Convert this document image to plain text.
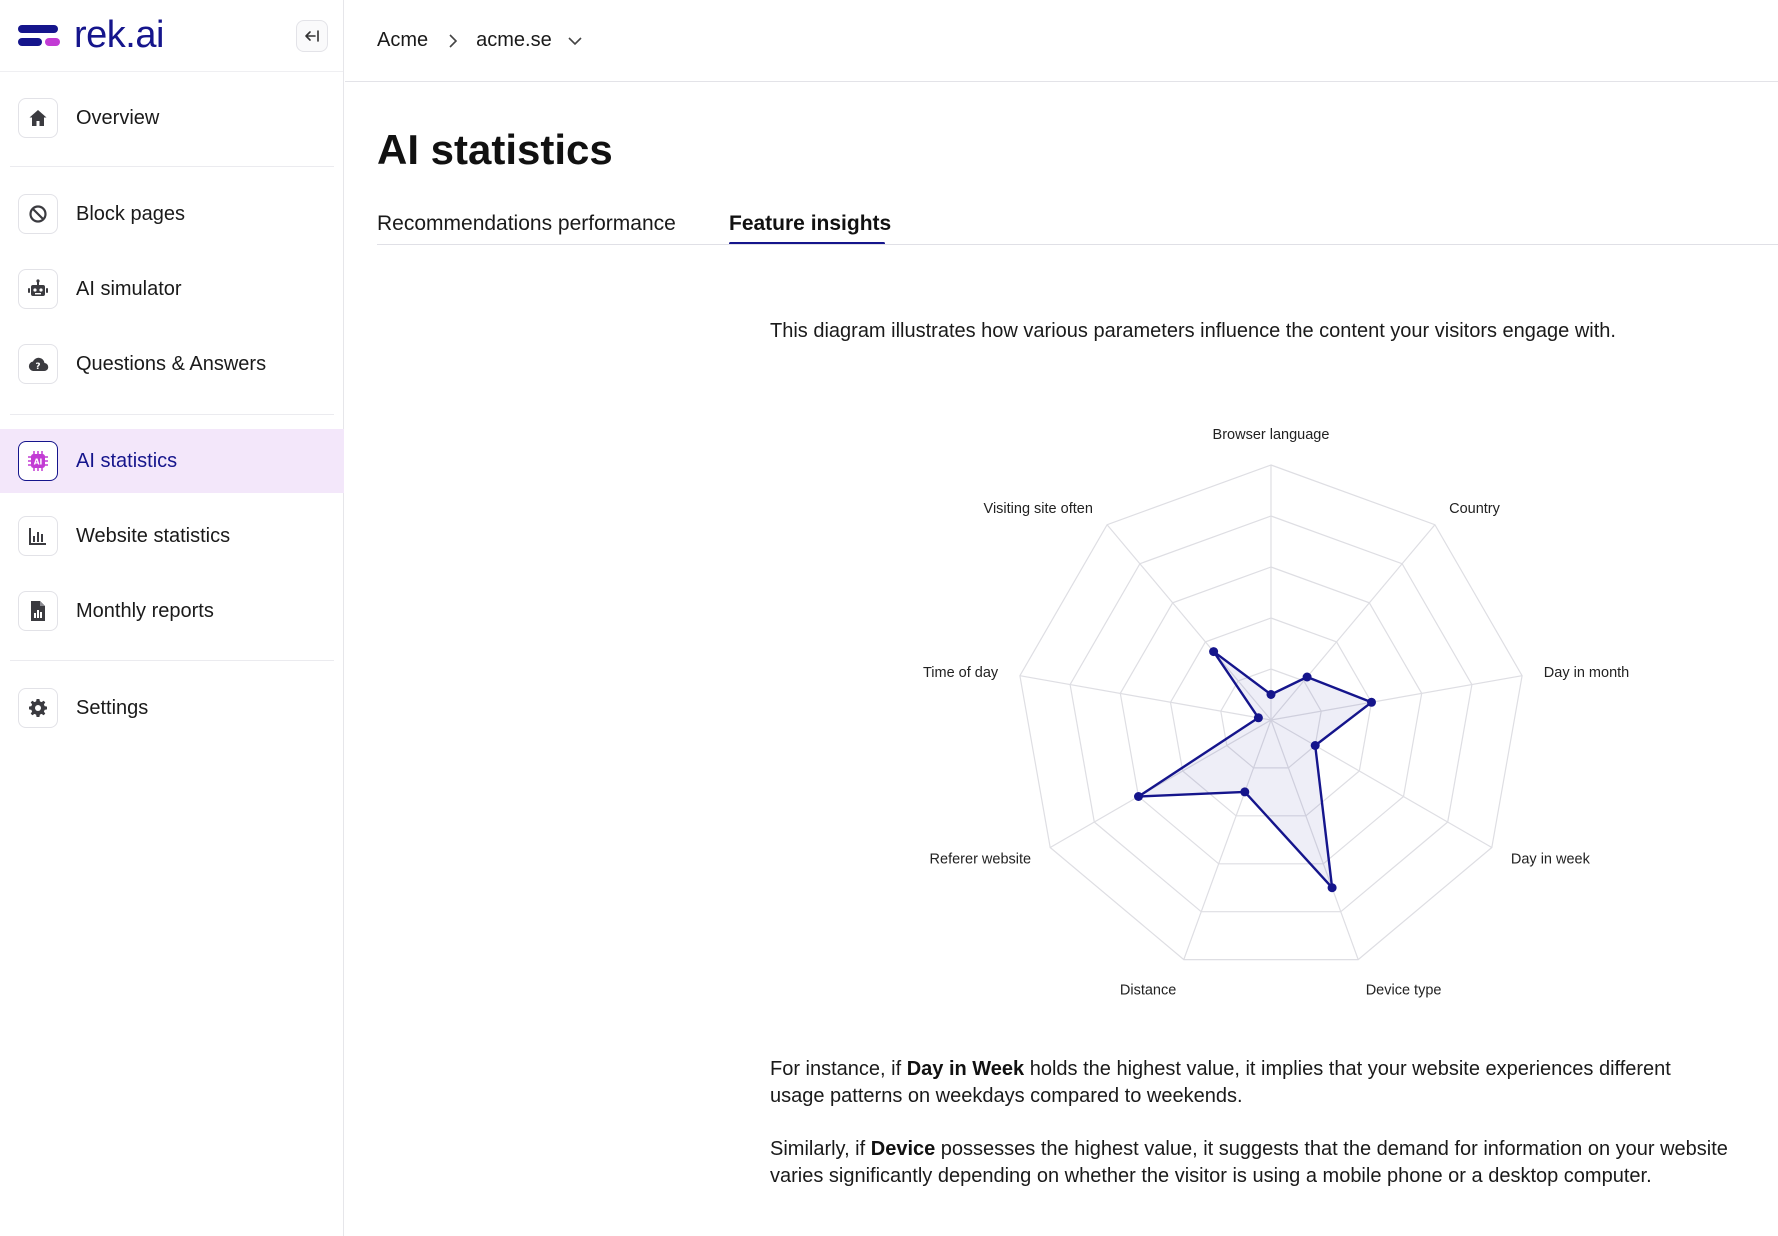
rek.ai
Overview
Block pages
AI simulator
? Questions & Answers
AI AI statistics
Website statistics
Monthly reports
Settings
Acme acme.se
AI statistics
Recommendations performance	Feature insights

This diagram illustrates how various parameters influence the content your visitors engage with.

Browser language
Country
Day in month
Day in week
Device type
Distance
Referer website
Time of day
Visiting site often

For instance, if Day in Week holds the highest value, it implies that your website experiences different usage patterns on weekdays compared to weekends.

Similarly, if Device possesses the highest value, it suggests that the demand for information on your website varies significantly depending on whether the visitor is using a mobile phone or a desktop computer.
